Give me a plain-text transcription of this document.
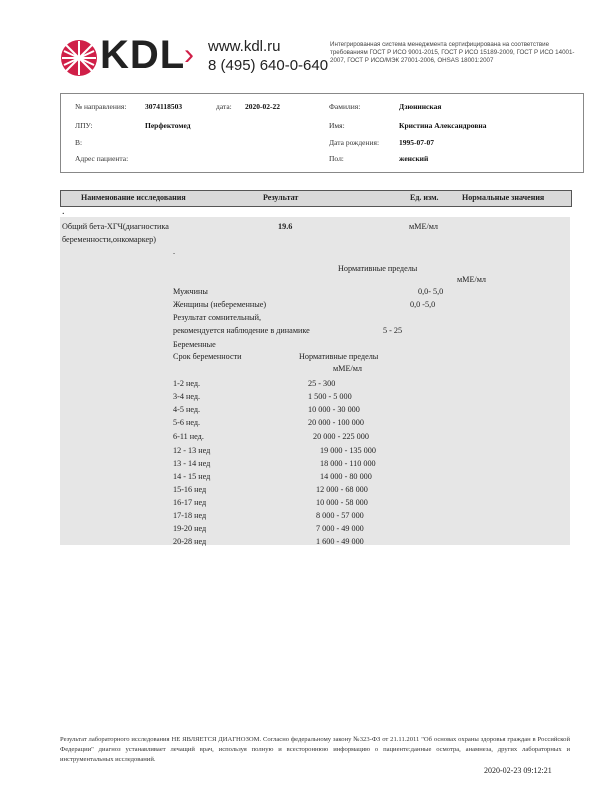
KDL
› www.kdl.ru
8 (495) 640-0-640
Интегрированная система менеджмента сертифицирована на соответствие требованиям ГОСТ Р ИСО 9001-2015, ГОСТ Р ИСО 15189-2009, ГОСТ Р ИСО 14001-2007, ГОСТ Р ИСО/МЭК 27001-2006, OHSAS 18001:2007
№ направления: 3074118503	дата: 2020-02-22	Фамилия:	Дзюнинская
ЛПУ:	Перфектомед	Имя:	Кристина Александровна
В:	Дата рождения:	1995-07-07
Адрес пациента:	Пол:	женский
Наименование исследования	Результат	Ед. изм.	Нормальные значения
.
Общий бета-ХГЧ(диагностика
беременности,онкомаркер)
19.6	мМЕ/мл
.
Нормативные пределы
мМЕ/мл
Мужчины	0,0- 5,0
Женщины (небеременные)	0,0 -5,0
Результат сомнительный,
рекомендуется наблюдение в динамике	5 - 25
Беременные
Срок беременности	Нормативные пределы
мМЕ/мл
1-2 нед.	25 - 300
3-4 нед.	1 500 - 5 000
4-5 нед.	10 000 - 30 000
5-6 нед.	20 000 - 100 000
6-11 нед.	20 000 - 225 000
12 - 13 нед	19 000 - 135 000
13 - 14 нед	18 000 - 110 000
14 - 15 нед	14 000 - 80 000
15-16 нед	12 000 - 68 000
16-17 нед	10 000 - 58 000
17-18 нед	8 000 - 57 000
19-20 нед	7 000 - 49 000
20-28 нед	1 600 - 49 000
Результат лабораторного исследования НЕ ЯВЛЯЕТСЯ ДИАГНОЗОМ. Согласно федеральному закону №323-ФЗ от 21.11.2011 "Об основах охраны здоровья граждан в Российской Федерации" диагноз устанавливает лечащий врач, используя полную и всестороннюю информацию о пациенте:данные осмотра, анамнеза, других лабораторных и инструментальных исследований.
2020-02-23 09:12:21
